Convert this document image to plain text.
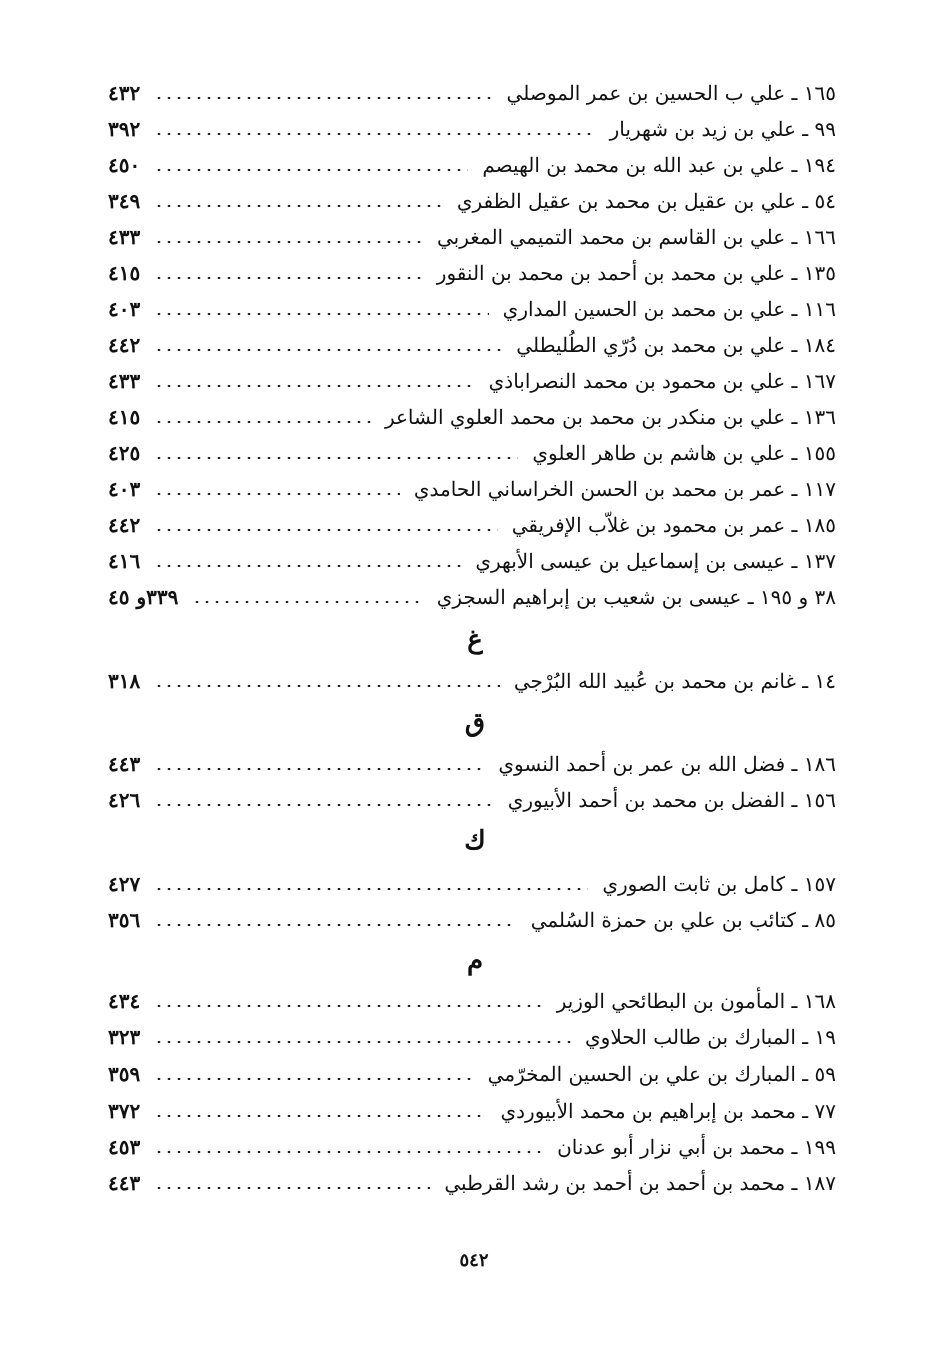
١٦٥ ـ علي ب الحسين بن عمر الموصلي
٤٣٢
٩٩ ـ علي بن زيد بن شهريار
٣٩٢
١٩٤ ـ علي بن عبد الله بن محمد بن الهيصم
٤٥٠
٥٤ ـ علي بن عقيل بن محمد بن عقيل الظفري
٣٤٩
١٦٦ ـ علي بن القاسم بن محمد التميمي المغربي
٤٣٣
١٣٥ ـ علي بن محمد بن أحمد بن محمد بن النقور
٤١٥
١١٦ ـ علي بن محمد بن الحسين المداري
٤٠٣
١٨٤ ـ علي بن محمد بن دُرّي الطُليطلي
٤٤٢
١٦٧ ـ علي بن محمود بن محمد النصراباذي
٤٣٣
١٣٦ ـ علي بن منكدر بن محمد بن محمد العلوي الشاعر
٤١٥
١٥٥ ـ علي بن هاشم بن طاهر العلوي
٤٢٥
١١٧ ـ عمر بن محمد بن الحسن الخراساني الحامدي
٤٠٣
١٨٥ ـ عمر بن محمود بن غلاّب الإفريقي
٤٤٢
١٣٧ ـ عيسى بن إسماعيل بن عيسى الأبهري
٤١٦
٣٨ و ١٩٥ ـ عيسى بن شعيب بن إبراهيم السجزي
٣٣٩و ٤٥
غ
١٤ ـ غانم بن محمد بن عُبيد الله البُرْجي
٣١٨
ق
١٨٦ ـ فضل الله بن عمر بن أحمد النسوي
٤٤٣
١٥٦ ـ الفضل بن محمد بن أحمد الأبيوري
٤٢٦
ك
١٥٧ ـ كامل بن ثابت الصوري
٤٢٧
٨٥ ـ كتائب بن علي بن حمزة السُلمي
٣٥٦
م
١٦٨ ـ المأمون بن البطائحي الوزير
٤٣٤
١٩ ـ المبارك بن طالب الحلاوي
٣٢٣
٥٩ ـ المبارك بن علي بن الحسين المخرّمي
٣٥٩
٧٧ ـ محمد بن إبراهيم بن محمد الأبيوردي
٣٧٢
١٩٩ ـ محمد بن أبي نزار أبو عدنان
٤٥٣
١٨٧ ـ محمد بن أحمد بن أحمد بن رشد القرطبي
٤٤٣
٥٤٢
